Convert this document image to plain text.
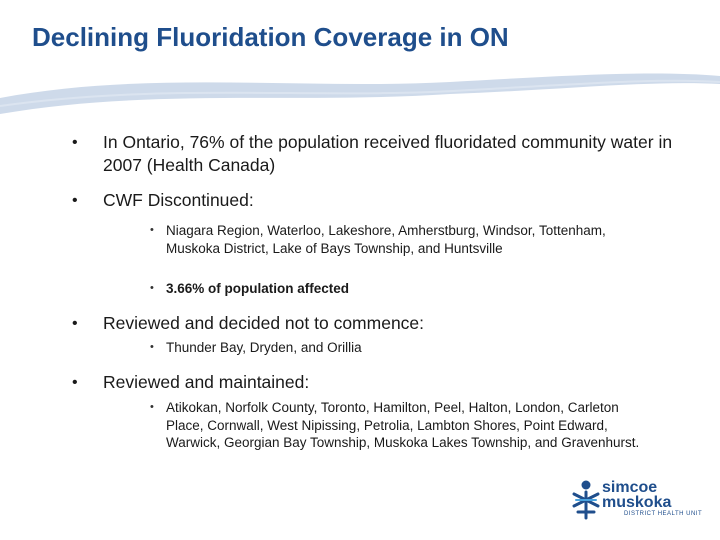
Declining Fluoridation Coverage in ON
• In Ontario, 76% of the population received fluoridated community water in 2007 (Health Canada)
• CWF Discontinued:
• Niagara Region, Waterloo, Lakeshore, Amherstburg, Windsor, Tottenham, Muskoka District, Lake of Bays Township, and Huntsville
• 3.66% of population affected
• Reviewed and decided not to commence:
• Thunder Bay, Dryden, and Orillia
• Reviewed and maintained:
• Atikokan, Norfolk County, Toronto, Hamilton, Peel, Halton, London, Carleton Place, Cornwall, West Nipissing, Petrolia, Lambton Shores, Point Edward, Warwick, Georgian Bay Township, Muskoka Lakes Township, and Gravenhurst.
simcoe
muskoka
DISTRICT HEALTH UNIT
